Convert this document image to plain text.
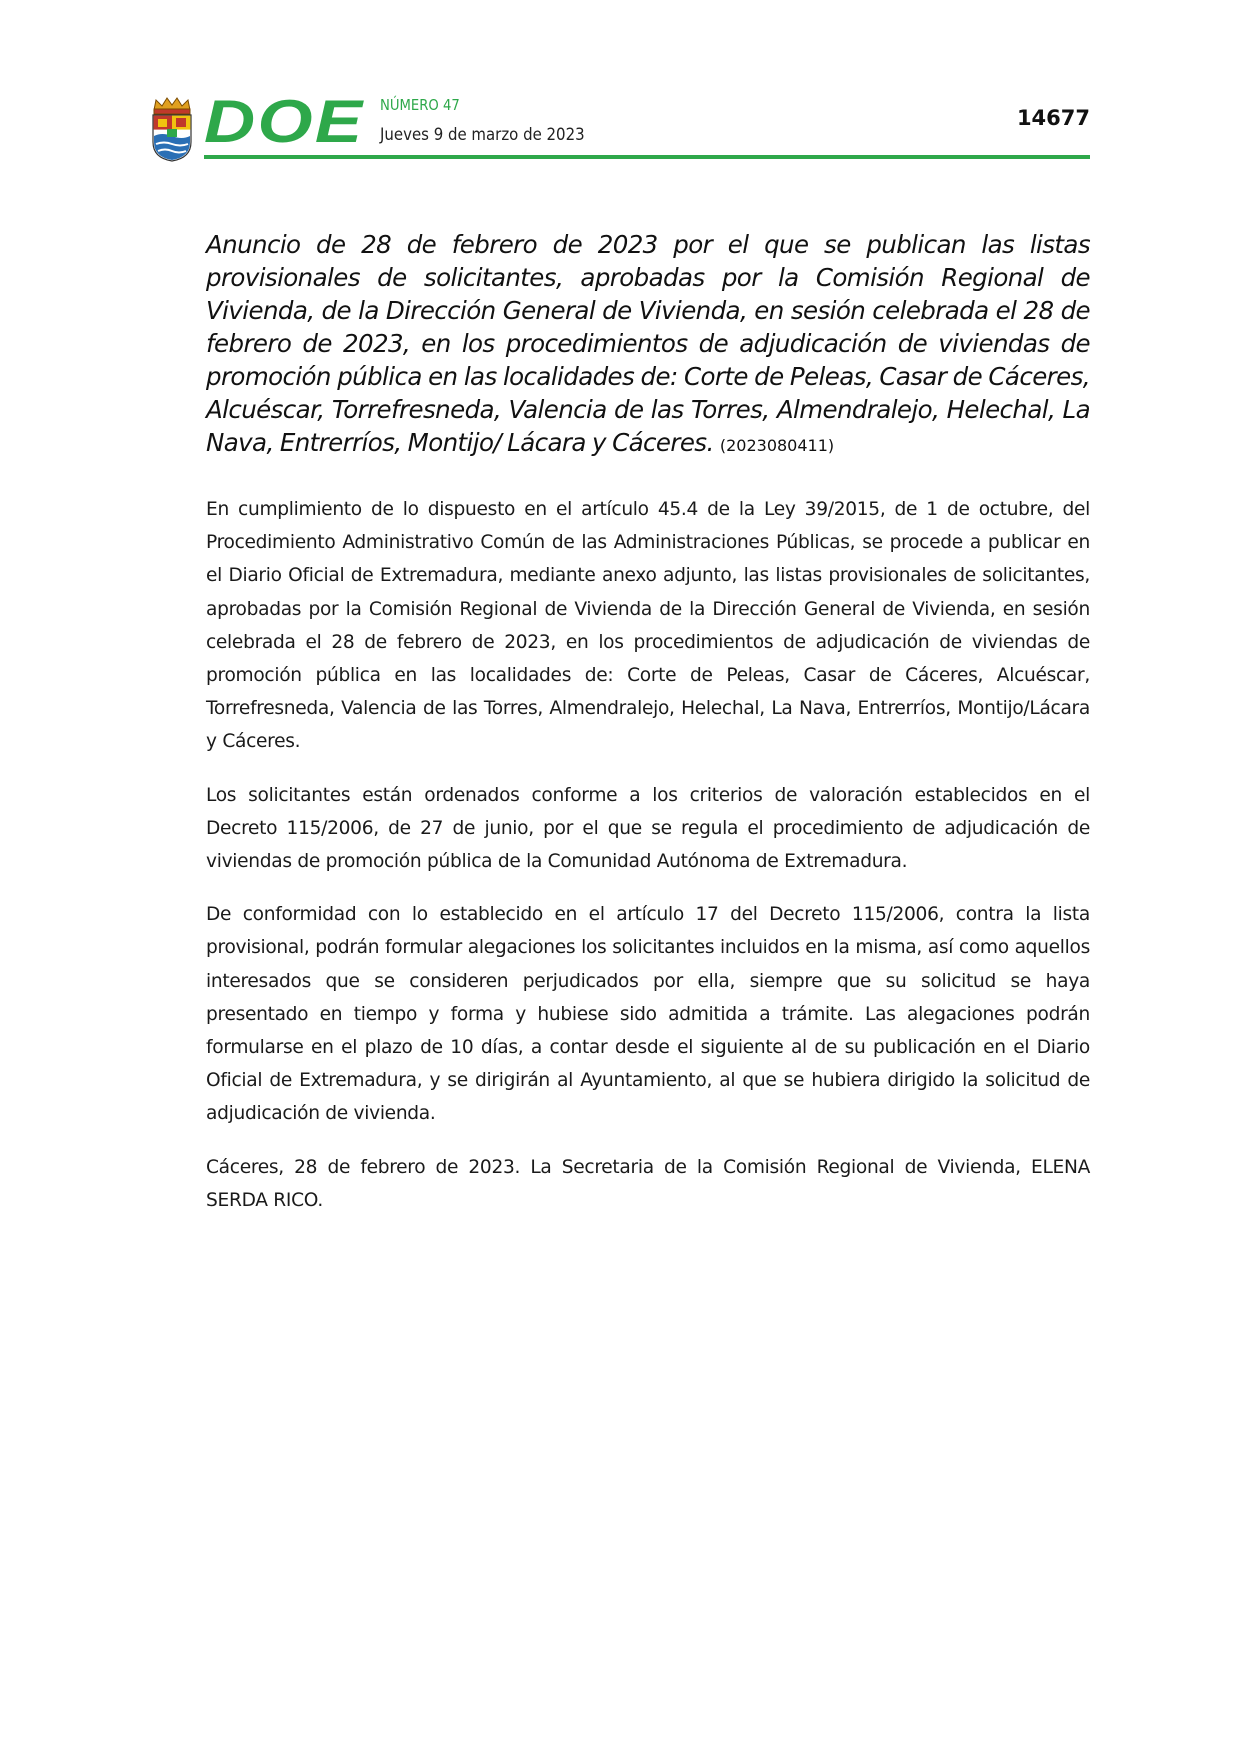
DOE NÚMERO 47
Jueves 9 de marzo de 2023
14677

Anuncio de 28 de febrero de 2023 por el que se publican las listas provisionales de solicitantes, aprobadas por la Comisión Regional de Vivienda, de la Dirección General de Vivienda, en sesión celebrada el 28 de febrero de 2023, en los procedimientos de adjudicación de viviendas de promoción pública en las localidades de: Corte de Peleas, Casar de Cáceres, Alcuéscar, Torrefresneda, Valencia de las Torres, Almendralejo, Helechal, La Nava, Entrerríos, Montijo/ Lácara y Cáceres. (2023080411)

En cumplimiento de lo dispuesto en el artículo 45.4 de la Ley 39/2015, de 1 de octubre, del Procedimiento Administrativo Común de las Administraciones Públicas, se procede a publicar en el Diario Oficial de Extremadura, mediante anexo adjunto, las listas provisionales de solicitantes, aprobadas por la Comisión Regional de Vivienda de la Dirección General de Vivienda, en sesión celebrada el 28 de febrero de 2023, en los procedimientos de adjudicación de viviendas de promoción pública en las localidades de: Corte de Peleas, Casar de Cáceres, Alcuéscar, Torrefresneda, Valencia de las Torres, Almendralejo, Helechal, La Nava, Entrerríos, Montijo/Lácara y Cáceres.

Los solicitantes están ordenados conforme a los criterios de valoración establecidos en el Decreto 115/2006, de 27 de junio, por el que se regula el procedimiento de adjudicación de viviendas de promoción pública de la Comunidad Autónoma de Extremadura.

De conformidad con lo establecido en el artículo 17 del Decreto 115/2006, contra la lista provisional, podrán formular alegaciones los solicitantes incluidos en la misma, así como aquellos interesados que se consideren perjudicados por ella, siempre que su solicitud se haya presentado en tiempo y forma y hubiese sido admitida a trámite. Las alegaciones podrán formularse en el plazo de 10 días, a contar desde el siguiente al de su publicación en el Diario Oficial de Extremadura, y se dirigirán al Ayuntamiento, al que se hubiera dirigido la solicitud de adjudicación de vivienda.

Cáceres, 28 de febrero de 2023. La Secretaria de la Comisión Regional de Vivienda, ELENA SERDA RICO.
